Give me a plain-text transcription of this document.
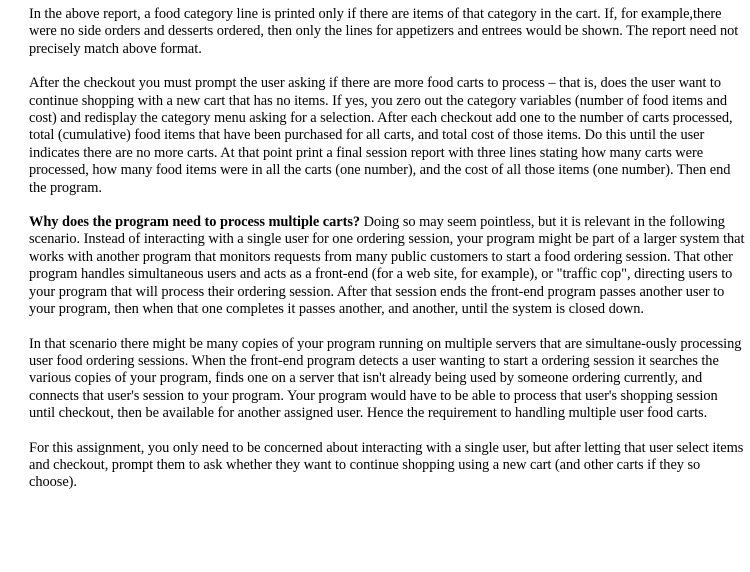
In the above report, a food category line is printed only if there are items of that category in the cart. If, for example,there were no side orders and desserts ordered, then only the lines for appetizers and entrees would be shown. The report need not precisely match above format.

After the checkout you must prompt the user asking if there are more food carts to process – that is, does the user want to continue shopping with a new cart that has no items. If yes, you zero out the category variables (number of food items and cost) and redisplay the category menu asking for a selection. After each checkout add one to the number of carts processed, total (cumulative) food items that have been purchased for all carts, and total cost of those items. Do this until the user indicates there are no more carts. At that point print a final session report with three lines stating how many carts were processed, how many food items were in all the carts (one number), and the cost of all those items (one number). Then end the program.

Why does the program need to process multiple carts? Doing so may seem pointless, but it is relevant in the following scenario. Instead of interacting with a single user for one ordering session, your program might be part of a larger system that works with another program that monitors requests from many public customers to start a food ordering session. That other program handles simultaneous users and acts as a front-end (for a web site, for example), or "traffic cop", directing users to your program that will process their ordering session. After that session ends the front-end program passes another user to your program, then when that one completes it passes another, and another, until the system is closed down.

In that scenario there might be many copies of your program running on multiple servers that are simultane-ously processing user food ordering sessions. When the front-end program detects a user wanting to start a ordering session it searches the various copies of your program, finds one on a server that isn't already being used by someone ordering currently, and connects that user's session to your program. Your program would have to be able to process that user's shopping session until checkout, then be available for another assigned user. Hence the requirement to handling multiple user food carts.

For this assignment, you only need to be concerned about interacting with a single user, but after letting that user select items and checkout, prompt them to ask whether they want to continue shopping using a new cart (and other carts if they so choose).
